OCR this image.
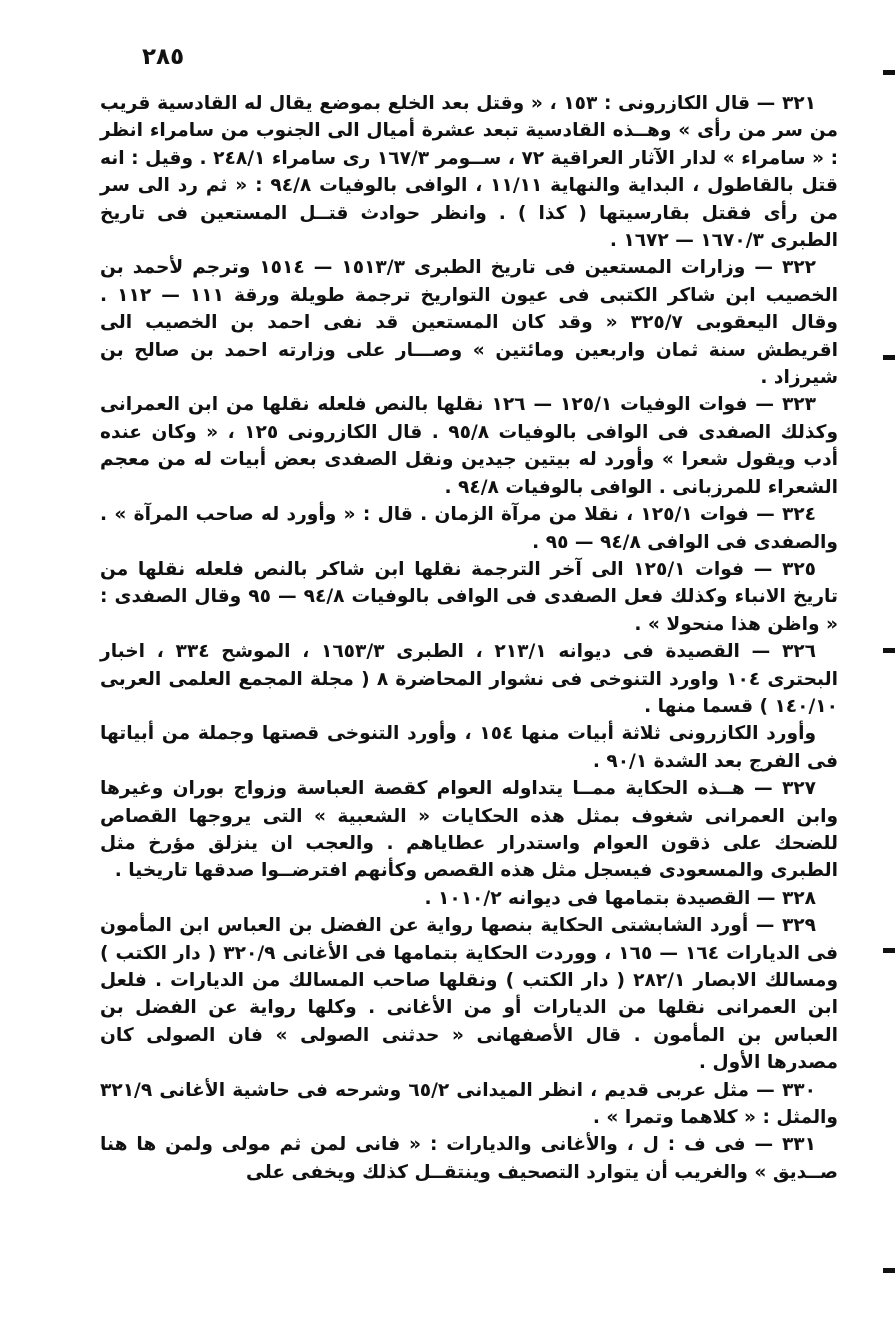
٢٨٥

٣٢١ — قال الكازرونى : ١٥٣ ، « وقتل بعد الخلع بموضع يقال له القادسية قريب من سر من رأى » وهــذه القادسية تبعد عشرة أميال الى الجنوب من سامراء انظر : « سامراء » لدار الآثار العراقية ٧٢ ، ســومر ١٦٧/٣ رى سامراء ٢٤٨/١ . وقيل : انه قتل بالقاطول ، البداية والنهاية ١١/١١ ، الوافى بالوفيات ٩٤/٨ : « ثم رد الى سر من رأى فقتل بقارسيتها ( كذا ) . وانظر حوادث قتــل المستعين فى تاريخ الطبرى ١٦٧٠/٣ — ١٦٧٢ .

٣٢٢ — وزارات المستعين فى تاريخ الطبرى ١٥١٣/٣ — ١٥١٤ وترجم لأحمد بن الخصيب ابن شاكر الكتبى فى عيون التواريخ ترجمة طويلة ورقة ١١١ — ١١٢ . وقال اليعقوبى ٣٢٥/٧ « وقد كان المستعين قد نفى احمد بن الخصيب الى اقريطش سنة ثمان واربعين ومائتين » وصـــار على وزارته احمد بن صالح بن شيرزاد .

٣٢٣ — فوات الوفيات ١٢٥/١ — ١٢٦ نقلها بالنص فلعله نقلها من ابن العمرانى وكذلك الصفدى فى الوافى بالوفيات ٩٥/٨ . قال الكازرونى ١٢٥ ، « وكان عنده أدب ويقول شعرا » وأورد له بيتين جيدين ونقل الصفدى بعض أبيات له من معجم الشعراء للمرزبانى . الوافى بالوفيات ٩٤/٨ .

٣٢٤ — فوات ١٢٥/١ ، نقلا من مرآة الزمان . قال : « وأورد له صاحب المرآة » . والصفدى فى الوافى ٩٤/٨ — ٩٥ .

٣٢٥ — فوات ١٢٥/١ الى آخر الترجمة نقلها ابن شاكر بالنص فلعله نقلها من تاريخ الانباء وكذلك فعل الصفدى فى الوافى بالوفيات ٩٤/٨ — ٩٥ وقال الصفدى : « واظن هذا منحولا » .

٣٢٦ — القصيدة فى ديوانه ٢١٣/١ ، الطبرى ١٦٥٣/٣ ، الموشح ٣٣٤ ، اخبار البحترى ١٠٤ واورد التنوخى فى نشوار المحاضرة ٨ ( مجلة المجمع العلمى العربى ١٤٠/١٠ ) قسما منها .

وأورد الكازرونى ثلاثة أبيات منها ١٥٤ ، وأورد التنوخى قصتها وجملة من أبياتها فى الفرج بعد الشدة ٩٠/١ .

٣٢٧ — هــذه الحكاية ممــا يتداوله العوام كقصة العباسة وزواج بوران وغيرها وابن العمرانى شغوف بمثل هذه الحكايات « الشعبية » التى يروجها القصاص للضحك على ذقون العوام واستدرار عطاياهم . والعجب ان ينزلق مؤرخ مثل الطبرى والمسعودى فيسجل مثل هذه القصص وكأنهم افترضــوا صدقها تاريخيا .

٣٢٨ — القصيدة بتمامها فى ديوانه ١٠١٠/٢ .

٣٢٩ — أورد الشابشتى الحكاية بنصها رواية عن الفضل بن العباس ابن المأمون فى الديارات ١٦٤ — ١٦٥ ، ووردت الحكاية بتمامها فى الأغانى ٣٢٠/٩ ( دار الكتب ) ومسالك الابصار ٢٨٢/١ ( دار الكتب ) ونقلها صاحب المسالك من الديارات . فلعل ابن العمرانى نقلها من الديارات أو من الأغانى . وكلها رواية عن الفضل بن العباس بن المأمون . قال الأصفهانى « حدثنى الصولى » فان الصولى كان مصدرها الأول .

٣٣٠ — مثل عربى قديم ، انظر الميدانى ٦٥/٢ وشرحه فى حاشية الأغانى ٣٢١/٩ والمثل : « كلاهما وتمرا » .

٣٣١ — فى ف : ل ، والأغانى والديارات : « فانى لمن ثم مولى ولمن ها هنا صــديق » والغريب أن يتوارد التصحيف وينتقــل كذلك ويخفى على
